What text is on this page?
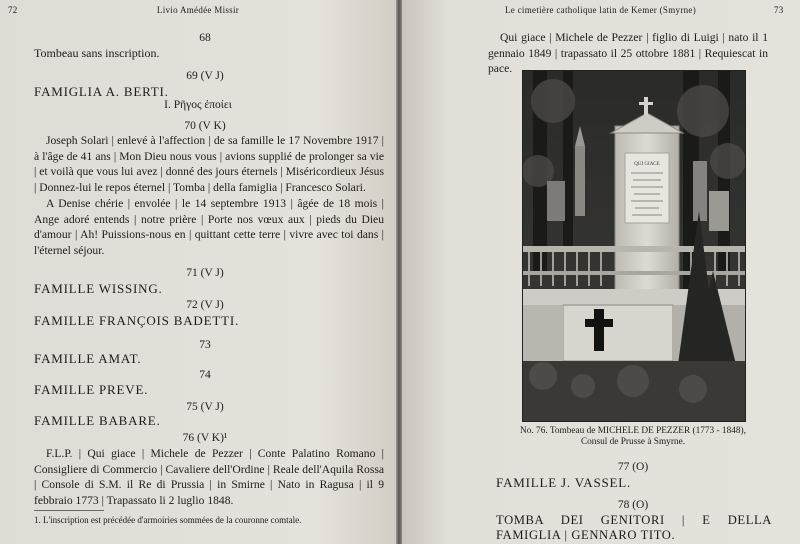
72	Livio Amédée Missir
68
Tombeau sans inscription.
69 (V J)
FAMIGLIA A. BERTI.
Ι. Ρῆγος ἐποίει
70 (V K)
Joseph Solari | enlevé à l'affection | de sa famille le 17 Novembre 1917 | à l'âge de 41 ans | Mon Dieu nous vous | avions supplié de prolonger sa vie | et voilà que vous lui avez | donné des jours éternels | Miséricordieux Jésus | Donnez-lui le repos éternel | Tomba | della famiglia | Francesco Solari.
A Denise chérie | envolée | le 14 septembre 1913 | âgée de 18 mois | Ange adoré entends | notre prière | Porte nos vœux aux | pieds du Dieu d'amour | Ah! Puissions-nous en | quittant cette terre | vivre avec toi dans | l'éternel séjour.
71 (V J)
FAMILLE WISSING.
72 (V J)
FAMILLE FRANÇOIS BADETTI.
73
FAMILLE AMAT.
74
FAMILLE PREVE.
75 (V J)
FAMILLE BABARE.
76 (V K)¹
F.L.P. | Qui giace | Michele de Pezzer | Conte Palatino Romano | Consigliere di Commercio | Cavaliere dell'Ordine | Reale dell'Aquila Rossa | Console di S.M. il Re di Prussia | in Smirne | Nato in Ragusa | il 9 febbraio 1773 | Trapassato li 2 luglio 1848.
1. L'inscription est précédée d'armoiries sommées de la couronne comtale.
Le cimetière catholique latin de Kemer (Smyrne)	73
Qui giace | Michele de Pezzer | figlio di Luigi | nato il 1 gennaio 1849 | trapassato il 25 ottobre 1881 | Requiescat in pace.
QUI GIACE
No. 76. Tombeau de MICHELE DE PEZZER (1773 - 1848),
Consul de Prusse à Smyrne.
77 (O)
FAMILLE J. VASSEL.
78 (O)
TOMBA DEI GENITORI | E DELLA FAMIGLIA | GENNARO TITO.
